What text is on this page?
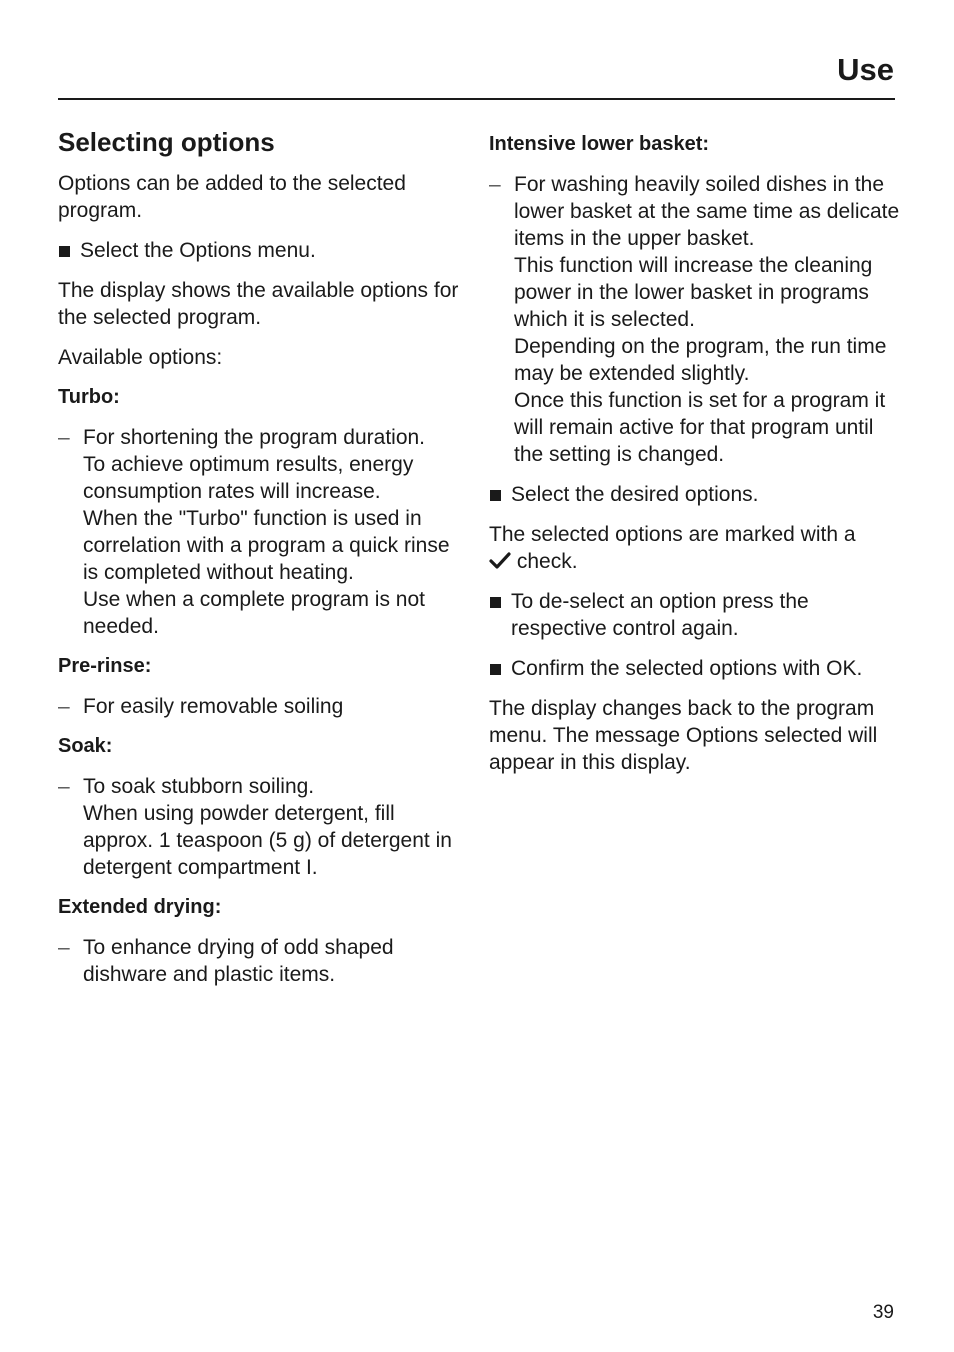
Use
Selecting options

Options can be added to the selected program.

Select the Options menu.

The display shows the available options for the selected program.

Available options:

Turbo:
– For shortening the program duration.
To achieve optimum results, energy consumption rates will increase.
When the "Turbo" function is used in correlation with a program a quick rinse is completed without heating.
Use when a complete program is not needed.
Pre-rinse:
– For easily removable soiling
Soak:
– To soak stubborn soiling.
When using powder detergent, fill approx. 1 teaspoon (5 g) of detergent in detergent compartment I.
Extended drying:
– To enhance drying of odd shaped dishware and plastic items.
Intensive lower basket:
– For washing heavily soiled dishes in the lower basket at the same time as delicate items in the upper basket.
This function will increase the cleaning power in the lower basket in programs which it is selected.
Depending on the program, the run time may be extended slightly.
Once this function is set for a program it will remain active for that program until the setting is changed.
Select the desired options.

The selected options are marked with a
check.

To de-select an option press the respective control again.
Confirm the selected options with OK.

The display changes back to the program menu. The message Options selected will appear in this display.

39
